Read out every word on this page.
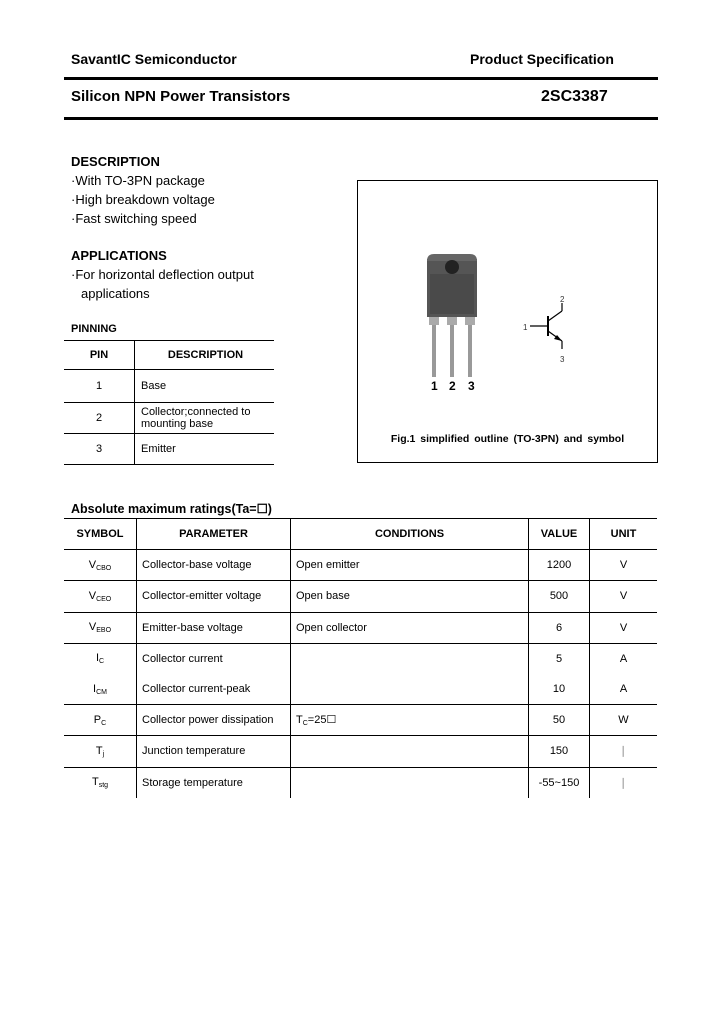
SavantIC Semiconductor	Product Specification
Silicon NPN Power Transistors	2SC3387
DESCRIPTION
·With TO-3PN package
·High breakdown voltage
·Fast switching speed
APPLICATIONS
·For horizontal deflection output
applications
PINNING
PIN	DESCRIPTION
1	Base
2	Collector;connected to
mounting base
3	Emitter
1 2 3
1
2
3
Fig.1 simplified outline (TO-3PN) and symbol
Absolute maximum ratings(Ta=☐)
SYMBOL	PARAMETER	CONDITIONS	VALUE	UNIT
$V_{CBO}$	Collector-base voltage	Open emitter	1200	V
$V_{CEO}$	Collector-emitter voltage	Open base	500	V
$V_{EBO}$	Emitter-base voltage	Open collector	6	V
$I_C$	Collector current		5	A
$I_{CM}$	Collector current-peak		10	A
$P_C$	Collector power dissipation	$T_C=25☐$	50	W
$T_j$	Junction temperature		150	│
$T_{stg}$	Storage temperature		-55~150	│
